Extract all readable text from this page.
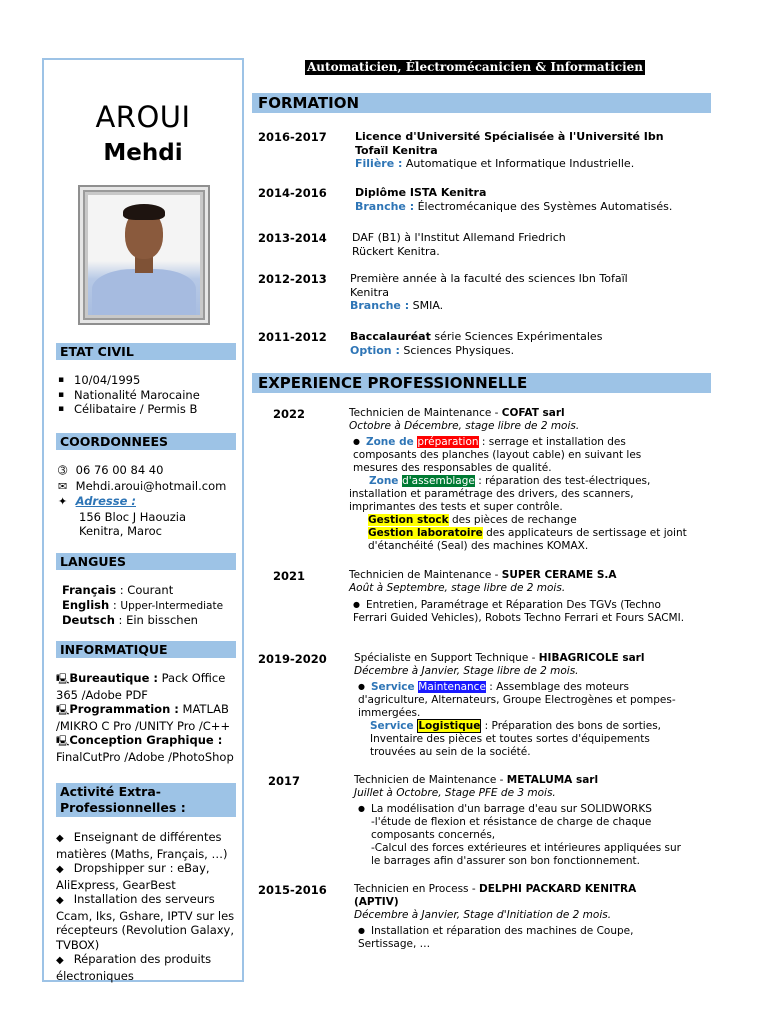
AROUI
Mehdi
ETAT CIVIL
▪ 10/04/1995
▪ Nationalité Marocaine
▪ Célibataire / Permis B
COORDONNEES
➂ 06 76 00 84 40
✉ Mehdi.aroui@hotmail.com
✦ Adresse :
156 Bloc J Haouzia
Kenitra, Maroc
LANGUES
Français : Courant
English : Upper-Intermediate
Deutsch : Ein bisschen
INFORMATIQUE
🖳Bureautique : Pack Office 365 /Adobe PDF
🖳Programmation : MATLAB /MIKRO C Pro /UNITY Pro /C++
🖳Conception Graphique : FinalCutPro /Adobe /PhotoShop
Activité Extra-
Professionnelles :
◆ Enseignant de différentes matières (Maths, Français, …)
◆ Dropshipper sur : eBay, AliExpress, GearBest
◆ Installation des serveurs Ccam, Iks, Gshare, IPTV sur les récepteurs (Revolution Galaxy, TVBOX)
◆ Réparation des produits électroniques
Automaticien, Électromécanicien & Informaticien
FORMATION
2016-2017	Licence d'Université Spécialisée à l'Université Ibn Tofaïl Kenitra
Filière : Automatique et Informatique Industrielle.
2014-2016	Diplôme ISTA Kenitra
Branche : Électromécanique des Systèmes Automatisés.
2013-2014 DAF (B1) à l'Institut Allemand Friedrich Rückert Kenitra.
2012-2013 Première année à la faculté des sciences Ibn Tofaïl Kenitra
Branche : SMIA.
2011-2012 Baccalauréat série Sciences Expérimentales
Option : Sciences Physiques.
EXPERIENCE PROFESSIONNELLE
2022	Technicien de Maintenance - COFAT sarl
Octobre à Décembre, stage libre de 2 mois.
● Zone de préparation : serrage et installation des composants des planches (layout cable) en suivant les mesures des responsables de qualité.
Zone d'assemblage : réparation des test-électriques, installation et paramétrage des drivers, des scanners, imprimantes des tests et super contrôle.
Gestion stock des pièces de rechange
Gestion laboratoire des applicateurs de sertissage et joint d'étanchéité (Seal) des machines KOMAX.
2021	Technicien de Maintenance - SUPER CERAME S.A
Août à Septembre, stage libre de 2 mois.
● Entretien, Paramétrage et Réparation Des TGVs (Techno Ferrari Guided Vehicles), Robots Techno Ferrari et Fours SACMI.
2019-2020	Spécialiste en Support Technique - HIBAGRICOLE sarl
Décembre à Janvier, Stage libre de 2 mois.
● Service Maintenance : Assemblage des moteurs d'agriculture, Alternateurs, Groupe Electrogènes et pompes-immergées.
Service Logistique : Préparation des bons de sorties, Inventaire des pièces et toutes sortes d'équipements trouvées au sein de la société.
2017	Technicien de Maintenance - METALUMA sarl
Juillet à Octobre, Stage PFE de 3 mois.
● La modélisation d'un barrage d'eau sur SOLIDWORKS
-l'étude de flexion et résistance de charge de chaque composants concernés,
-Calcul des forces extérieures et intérieures appliquées sur le barrages afin d'assurer son bon fonctionnement.
2015-2016	Technicien en Process - DELPHI PACKARD KENITRA (APTIV)
Décembre à Janvier, Stage d'Initiation de 2 mois.
● Installation et réparation des machines de Coupe, Sertissage, …
